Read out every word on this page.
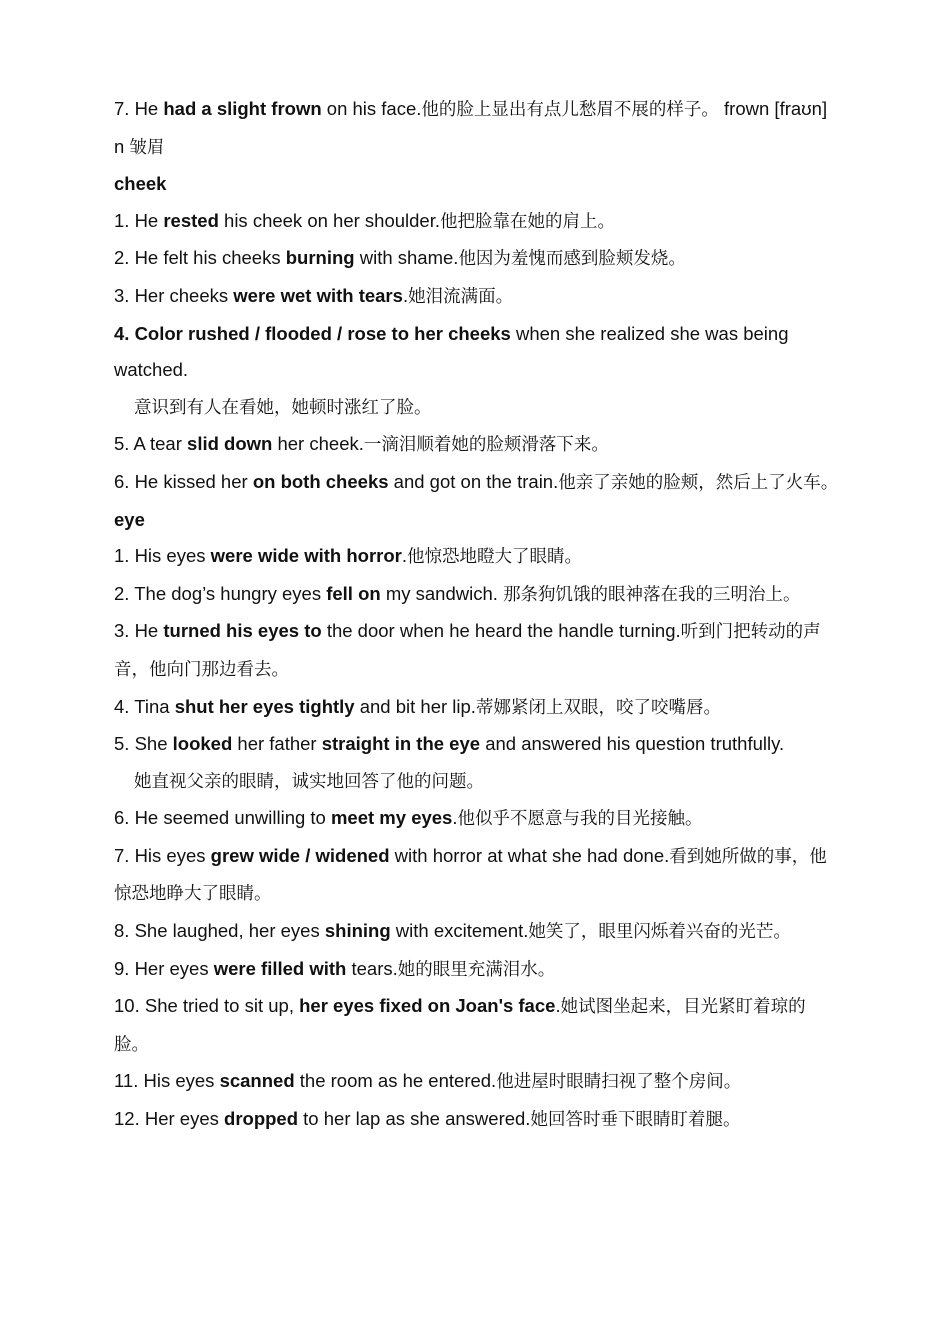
7. He had a slight frown on his face.他的脸上显出有点儿愁眉不展的样子。 frown [fraʊn] n 皱眉

cheek

1. He rested his cheek on her shoulder.他把脸靠在她的肩上。

2. He felt his cheeks burning with shame.他因为羞愧而感到脸颊发烧。

3. Her cheeks were wet with tears.她泪流满面。

4. Color rushed / flooded / rose to her cheeks when she realized she was being watched.

意识到有人在看她，她顿时涨红了脸。

5. A tear slid down her cheek.一滴泪顺着她的脸颊滑落下来。

6. He kissed her on both cheeks and got on the train.他亲了亲她的脸颊，然后上了火车。

eye

1. His eyes were wide with horror.他惊恐地瞪大了眼睛。

2. The dog’s hungry eyes fell on my sandwich. 那条狗饥饿的眼神落在我的三明治上。

3. He turned his eyes to the door when he heard the handle turning.听到门把转动的声音，他向门那边看去。

4. Tina shut her eyes tightly and bit her lip.蒂娜紧闭上双眼，咬了咬嘴唇。

5. She looked her father straight in the eye and answered his question truthfully.

她直视父亲的眼睛，诚实地回答了他的问题。

6. He seemed unwilling to meet my eyes.他似乎不愿意与我的目光接触。

7. His eyes grew wide / widened with horror at what she had done.看到她所做的事，他惊恐地睁大了眼睛。

8. She laughed, her eyes shining with excitement.她笑了，眼里闪烁着兴奋的光芒。

9. Her eyes were filled with tears.她的眼里充满泪水。

10. She tried to sit up, her eyes fixed on Joan's face.她试图坐起来，目光紧盯着琼的脸。

11. His eyes scanned the room as he entered.他进屋时眼睛扫视了整个房间。

12. Her eyes dropped to her lap as she answered.她回答时垂下眼睛盯着腿。
